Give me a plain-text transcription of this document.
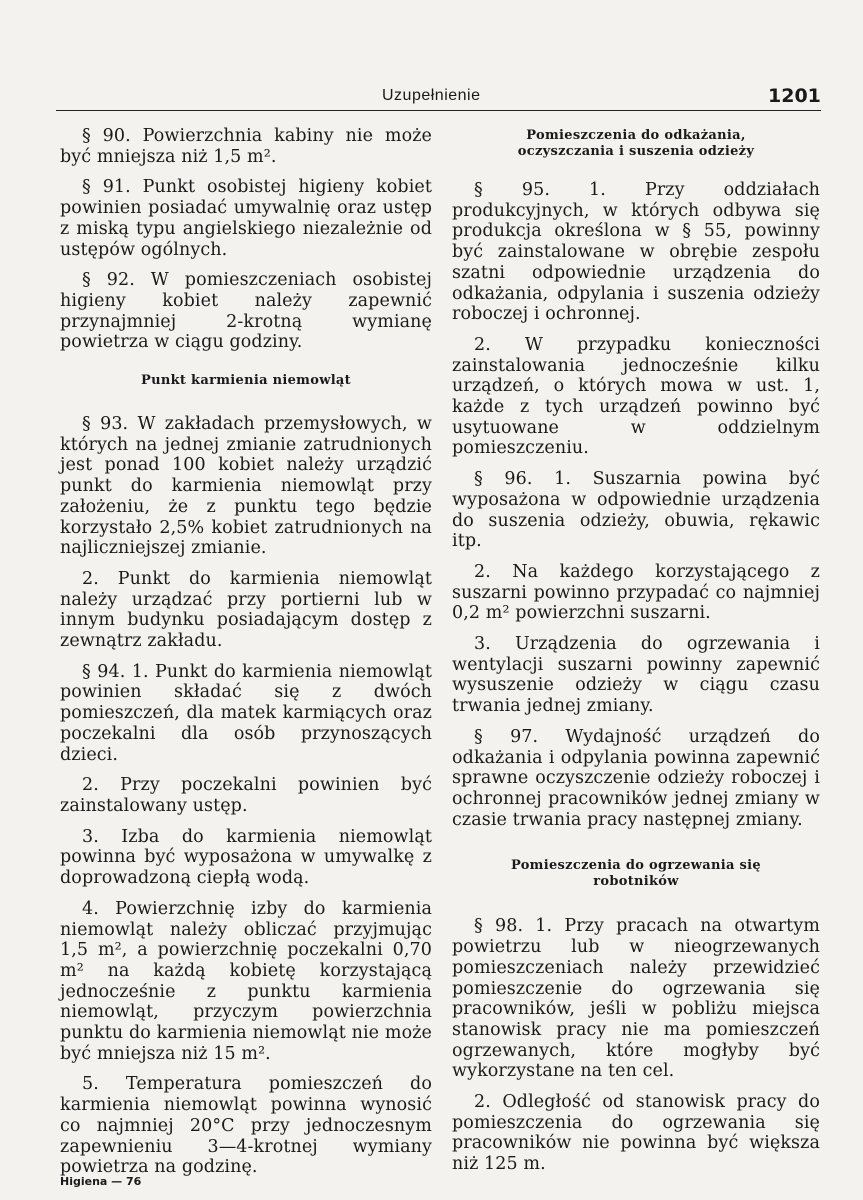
Uzupełnienie	1201

§ 90. Powierzchnia kabiny nie może być mniejsza niż 1,5 m².

§ 91. Punkt osobistej higieny kobiet powinien posiadać umywalnię oraz ustęp z miską typu angielskiego niezależnie od ustępów ogólnych.

§ 92. W pomieszczeniach osobistej higieny kobiet należy zapewnić przynajmniej 2-krotną wymianę powietrza w ciągu godziny.

Punkt karmienia niemowląt

§ 93. W zakładach przemysłowych, w których na jednej zmianie zatrudnionych jest ponad 100 kobiet należy urządzić punkt do karmienia niemowląt przy założeniu, że z punktu tego będzie korzystało 2,5% kobiet zatrudnionych na najliczniejszej zmianie.

2. Punkt do karmienia niemowląt należy urządzać przy portierni lub w innym budynku posiadającym dostęp z zewnątrz zakładu.

§ 94. 1. Punkt do karmienia niemowląt powinien składać się z dwóch pomieszczeń, dla matek karmiących oraz poczekalni dla osób przynoszących dzieci.

2. Przy poczekalni powinien być zainstalowany ustęp.

3. Izba do karmienia niemowląt powinna być wyposażona w umywalkę z doprowadzoną ciepłą wodą.

4. Powierzchnię izby do karmienia niemowląt należy obliczać przyjmując 1,5 m², a powierzchnię poczekalni 0,70 m² na każdą kobietę korzystającą jednocześnie z punktu karmienia niemowląt, przyczym powierzchnia punktu do karmienia niemowląt nie może być mniejsza niż 15 m².

5. Temperatura pomieszczeń do karmienia niemowląt powinna wynosić co najmniej 20°C przy jednoczesnym zapewnieniu 3—4-krotnej wymiany powietrza na godzinę.

Pomieszczenia do odkażania, oczyszczania i suszenia odzieży

§ 95. 1. Przy oddziałach produkcyjnych, w których odbywa się produkcja określona w § 55, powinny być zainstalowane w obrębie zespołu szatni odpowiednie urządzenia do odkażania, odpylania i suszenia odzieży roboczej i ochronnej.

2. W przypadku konieczności zainstalowania jednocześnie kilku urządzeń, o których mowa w ust. 1, każde z tych urządzeń powinno być usytuowane w oddzielnym pomieszczeniu.

§ 96. 1. Suszarnia powina być wyposażona w odpowiednie urządzenia do suszenia odzieży, obuwia, rękawic itp.

2. Na każdego korzystającego z suszarni powinno przypadać co najmniej 0,2 m² powierzchni suszarni.

3. Urządzenia do ogrzewania i wentylacji suszarni powinny zapewnić wysuszenie odzieży w ciągu czasu trwania jednej zmiany.

§ 97. Wydajność urządzeń do odkażania i odpylania powinna zapewnić sprawne oczyszczenie odzieży roboczej i ochronnej pracowników jednej zmiany w czasie trwania pracy następnej zmiany.

Pomieszczenia do ogrzewania się robotników

§ 98. 1. Przy pracach na otwartym powietrzu lub w nieogrzewanych pomieszczeniach należy przewidzieć pomieszczenie do ogrzewania się pracowników, jeśli w pobliżu miejsca stanowisk pracy nie ma pomieszczeń ogrzewanych, które mogłyby być wykorzystane na ten cel.

2. Odległość od stanowisk pracy do pomieszczenia do ogrzewania się pracowników nie powinna być większa niż 125 m.

Higiena — 76
